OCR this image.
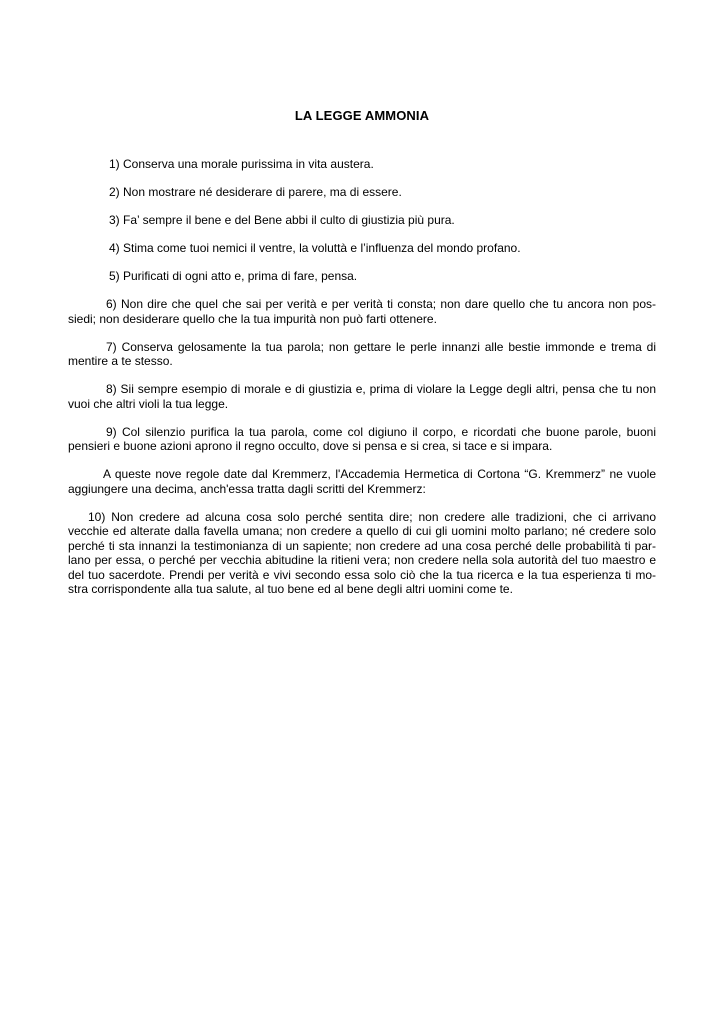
LA LEGGE AMMONIA

1) Conserva una morale purissima in vita austera.

2) Non mostrare né desiderare di parere, ma di essere.

3) Fa’ sempre il bene e del Bene abbi il culto di giustizia più pura.

4) Stima come tuoi nemici il ventre, la voluttà e l’influenza del mondo profano.

5) Purificati di ogni atto e, prima di fare, pensa.

6) Non dire che quel che sai per verità e per verità ti consta; non dare quello che tu ancora non pos-siedi; non desiderare quello che la tua impurità non può farti ottenere.

7) Conserva gelosamente la tua parola; non gettare le perle innanzi alle bestie immonde e trema di mentire a te stesso.

8) Sii sempre esempio di morale e di giustizia e, prima di violare la Legge degli altri, pensa che tu non vuoi che altri violi la tua legge.

9) Col silenzio purifica la tua parola, come col digiuno il corpo, e ricordati che buone parole, buoni pensieri e buone azioni aprono il regno occulto, dove si pensa e si crea, si tace e si impara.

A queste nove regole date dal Kremmerz, l'Accademia Hermetica di Cortona “G. Kremmerz” ne vuole aggiungere una decima, anch'essa tratta dagli scritti del Kremmerz:

10) Non credere ad alcuna cosa solo perché sentita dire; non credere alle tradizioni, che ci arrivano vecchie ed alterate dalla favella umana; non credere a quello di cui gli uomini molto parlano; né credere solo perché ti sta innanzi la testimonianza di un sapiente; non credere ad una cosa perché delle probabilità ti par-lano per essa, o perché per vecchia abitudine la ritieni vera; non credere nella sola autorità del tuo maestro e del tuo sacerdote. Prendi per verità e vivi secondo essa solo ciò che la tua ricerca e la tua esperienza ti mo-stra corrispondente alla tua salute, al tuo bene ed al bene degli altri uomini come te.
